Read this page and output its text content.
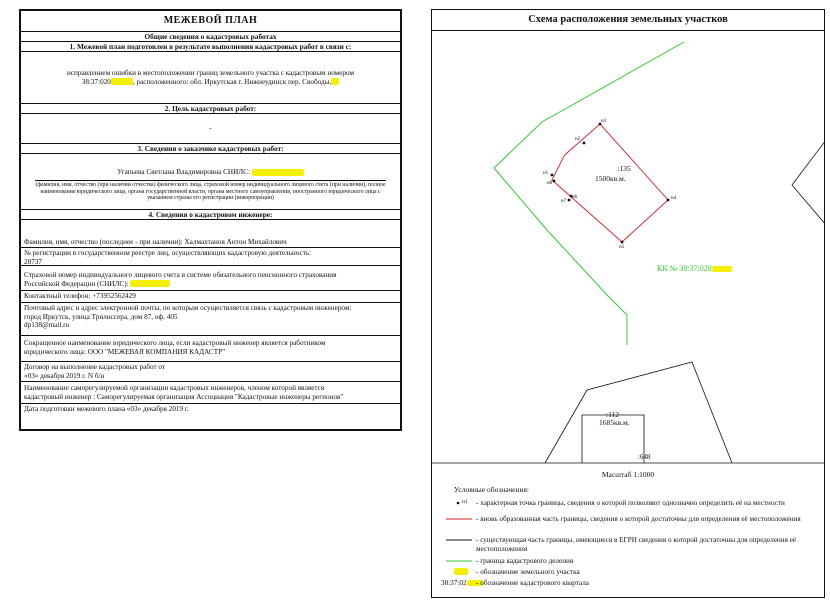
МЕЖЕВОЙ ПЛАН
Общие сведения о кадастровых работах
1. Межевой план подготовлен в результате выполнения кадастровых работ в связи с:
исправлением ошибки в местоположении границ земельного участка с кадастровым номером
38:37:020	, расположенного: обл. Иркутская г. Нижнеудинск пер. Свободы,
2. Цель кадастровых работ:
-
3. Сведения о заказчике кадастровых работ:
Угапьева Светлана Владимировна СНИЛС:
(фамилия, имя, отчество (при наличии отчества) физического лица, страховой номер индивидуального лицевого счета (при наличии), полное наименование юридического лица, органа государственной власти, органа местного самоуправления, иностранного юридического лица с указанием страны его регистрации (инкорпорации)
4. Сведения о кадастровом инженере:
Фамилия, имя, отчество (последнее - при наличии): Халмахтанов Антон Михайлович
№ регистрации в государственном реестре лиц, осуществляющих кадастровую деятельность:
28737
Страховой номер индивидуального лицевого счета в системе обязательного пенсионного страхования
Российской Федерации (СНИЛС):
Контактный телефон: +73952562429
Почтовый адрес и адрес электронной почты, по которым осуществляется связь с кадастровым инженером:
город Иркутск, улица Трилиссера, дом 87, оф. 405
dp138@mail.ru
Сокращенное наименование юридического лица, если кадастровый инженер является работником
юридического лица: ООО "МЕЖЕВАЯ КОМПАНИЯ КАДАСТР"
Договор на выполнение кадастровых работ от
«03» декабря 2019 г. N б/н
Наименование саморегулируемой организации кадастровых инженеров, членом которой является
кадастровый инженер : Саморегулируемая организация Ассоциация "Кадастровые инженеры регионов"
Дата подготовки межевого плана «03» декабря 2019 г.
Схема расположения земельных участков
:135
1500кв.м.
:112
1685кв.м.
:648
КК № 38:37:020
н3
н2
н1
н8
н6
н7
н4
н5
Масштаб 1:1000
Условные обозначения:
н1 - характерная точка границы, сведения о которой позволяют однозначно определить её на местности
- вновь образованная часть границы, сведения о которой достаточны для определения её местоположения
- существующая часть границы, имеющиеся в ЕГРН сведения о которой достаточны для определения её местоположения
- граница кадастрового деления
- обозначение земельного участка
38:37:02	- обозначение кадастрового квартала
